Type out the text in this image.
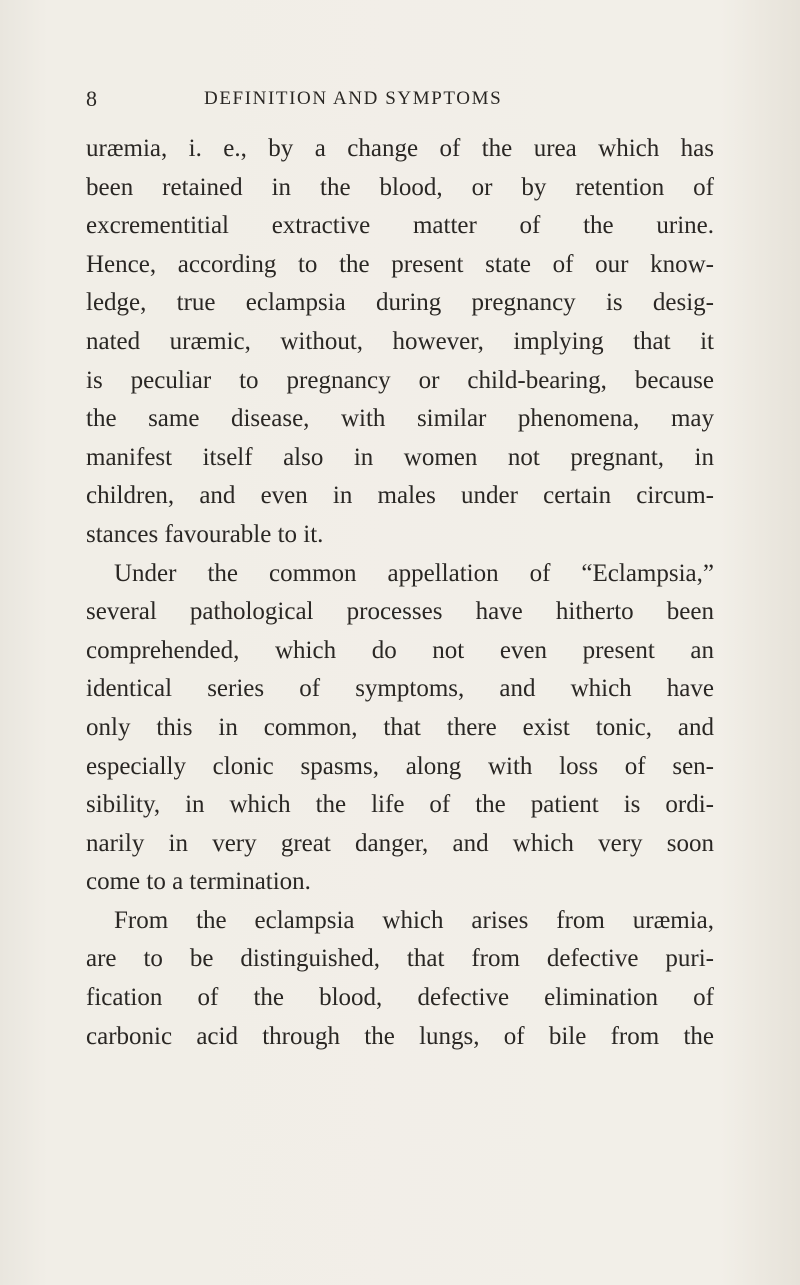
8	DEFINITION AND SYMPTOMS
uræmia, i. e., by a change of the urea which has
been retained in the blood, or by retention of
excrementitial extractive matter of the urine.
Hence, according to the present state of our know-
ledge, true eclampsia during pregnancy is desig-
nated uræmic, without, however, implying that it
is peculiar to pregnancy or child-bearing, because
the same disease, with similar phenomena, may
manifest itself also in women not pregnant, in
children, and even in males under certain circum-
stances favourable to it.
Under the common appellation of “Eclampsia,”
several pathological processes have hitherto been
comprehended, which do not even present an
identical series of symptoms, and which have
only this in common, that there exist tonic, and
especially clonic spasms, along with loss of sen-
sibility, in which the life of the patient is ordi-
narily in very great danger, and which very soon
come to a termination.
From the eclampsia which arises from uræmia,
are to be distinguished, that from defective puri-
fication of the blood, defective elimination of
carbonic acid through the lungs, of bile from the
